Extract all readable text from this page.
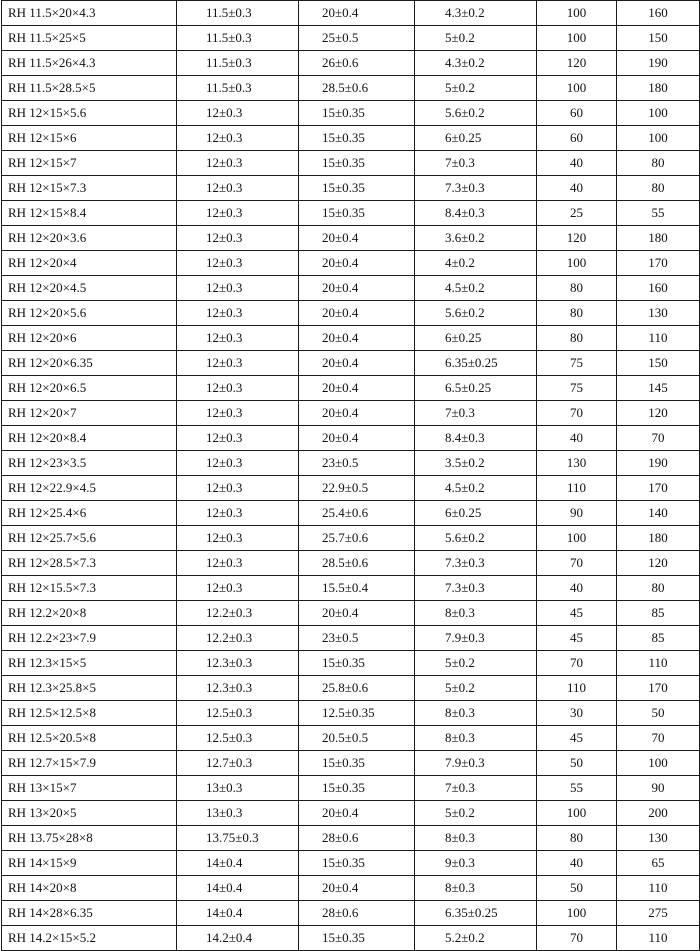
RH 11.5×20×4.3	11.5±0.3	20±0.4	4.3±0.2	100	160
RH 11.5×25×5	11.5±0.3	25±0.5	5±0.2	100	150
RH 11.5×26×4.3	11.5±0.3	26±0.6	4.3±0.2	120	190
RH 11.5×28.5×5	11.5±0.3	28.5±0.6	5±0.2	100	180
RH 12×15×5.6	12±0.3	15±0.35	5.6±0.2	60	100
RH 12×15×6	12±0.3	15±0.35	6±0.25	60	100
RH 12×15×7	12±0.3	15±0.35	7±0.3	40	80
RH 12×15×7.3	12±0.3	15±0.35	7.3±0.3	40	80
RH 12×15×8.4	12±0.3	15±0.35	8.4±0.3	25	55
RH 12×20×3.6	12±0.3	20±0.4	3.6±0.2	120	180
RH 12×20×4	12±0.3	20±0.4	4±0.2	100	170
RH 12×20×4.5	12±0.3	20±0.4	4.5±0.2	80	160
RH 12×20×5.6	12±0.3	20±0.4	5.6±0.2	80	130
RH 12×20×6	12±0.3	20±0.4	6±0.25	80	110
RH 12×20×6.35	12±0.3	20±0.4	6.35±0.25	75	150
RH 12×20×6.5	12±0.3	20±0.4	6.5±0.25	75	145
RH 12×20×7	12±0.3	20±0.4	7±0.3	70	120
RH 12×20×8.4	12±0.3	20±0.4	8.4±0.3	40	70
RH 12×23×3.5	12±0.3	23±0.5	3.5±0.2	130	190
RH 12×22.9×4.5	12±0.3	22.9±0.5	4.5±0.2	110	170
RH 12×25.4×6	12±0.3	25.4±0.6	6±0.25	90	140
RH 12×25.7×5.6	12±0.3	25.7±0.6	5.6±0.2	100	180
RH 12×28.5×7.3	12±0.3	28.5±0.6	7.3±0.3	70	120
RH 12×15.5×7.3	12±0.3	15.5±0.4	7.3±0.3	40	80
RH 12.2×20×8	12.2±0.3	20±0.4	8±0.3	45	85
RH 12.2×23×7.9	12.2±0.3	23±0.5	7.9±0.3	45	85
RH 12.3×15×5	12.3±0.3	15±0.35	5±0.2	70	110
RH 12.3×25.8×5	12.3±0.3	25.8±0.6	5±0.2	110	170
RH 12.5×12.5×8	12.5±0.3	12.5±0.35	8±0.3	30	50
RH 12.5×20.5×8	12.5±0.3	20.5±0.5	8±0.3	45	70
RH 12.7×15×7.9	12.7±0.3	15±0.35	7.9±0.3	50	100
RH 13×15×7	13±0.3	15±0.35	7±0.3	55	90
RH 13×20×5	13±0.3	20±0.4	5±0.2	100	200
RH 13.75×28×8	13.75±0.3	28±0.6	8±0.3	80	130
RH 14×15×9	14±0.4	15±0.35	9±0.3	40	65
RH 14×20×8	14±0.4	20±0.4	8±0.3	50	110
RH 14×28×6.35	14±0.4	28±0.6	6.35±0.25	100	275
RH 14.2×15×5.2	14.2±0.4	15±0.35	5.2±0.2	70	110
